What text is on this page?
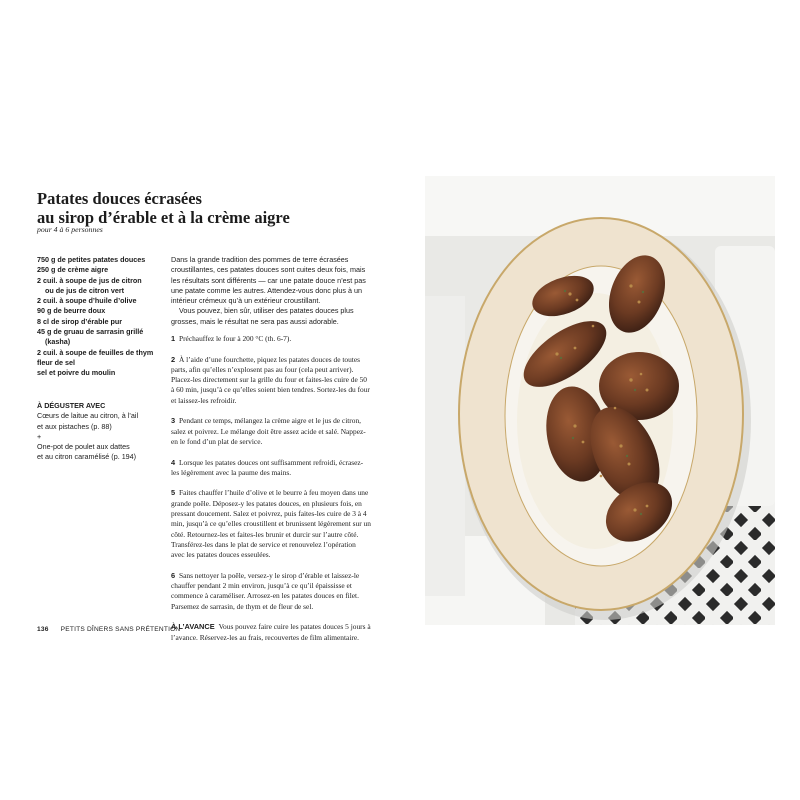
Patates douces écrasées
au sirop d’érable et à la crème aigre
pour 4 à 6 personnes
750 g de petites patates douces
250 g de crème aigre
2 cuil. à soupe de jus de citron
ou de jus de citron vert
2 cuil. à soupe d’huile d’olive
90 g de beurre doux
8 cl de sirop d’érable pur
45 g de gruau de sarrasin grillé
(kasha)
2 cuil. à soupe de feuilles de thym
fleur de sel
sel et poivre du moulin
À DÉGUSTER AVEC
Cœurs de laitue au citron, à l’ail
et aux pistaches (p. 88)
+
One-pot de poulet aux dattes
et au citron caramélisé (p. 194)

Dans la grande tradition des pommes de terre écrasées croustillantes, ces patates douces sont cuites deux fois, mais les résultats sont différents — car une patate douce n’est pas une patate comme les autres. Attendez-vous donc plus à un intérieur crémeux qu’à un extérieur croustillant.

Vous pouvez, bien sûr, utiliser des patates douces plus grosses, mais le résultat ne sera pas aussi adorable.

1 Préchauffez le four à 200 °C (th. 6-7).

2 À l’aide d’une fourchette, piquez les patates douces de toutes parts, afin qu’elles n’explosent pas au four (cela peut arriver). Placez-les directement sur la grille du four et faites-les cuire de 50 à 60 min, jusqu’à ce qu’elles soient bien tendres. Sortez-les du four et laissez-les refroidir.

3 Pendant ce temps, mélangez la crème aigre et le jus de citron, salez et poivrez. Le mélange doit être assez acide et salé. Nappez-en le fond d’un plat de service.

4 Lorsque les patates douces ont suffisamment refroidi, écrasez-les légèrement avec la paume des mains.

5 Faites chauffer l’huile d’olive et le beurre à feu moyen dans une grande poêle. Déposez-y les patates douces, en plusieurs fois, en pressant doucement. Salez et poivrez, puis faites-les cuire de 3 à 4 min, jusqu’à ce qu’elles croustillent et brunissent légèrement sur un côté. Retournez-les et faites-les brunir et durcir sur l’autre côté. Transférez-les dans le plat de service et renouvelez l’opération avec les patates douces esseulées.

6 Sans nettoyer la poêle, versez-y le sirop d’érable et laissez-le chauffer pendant 2 min environ, jusqu’à ce qu’il épaississe et commence à caraméliser. Arrosez-en les patates douces en filet. Parsemez de sarrasin, de thym et de fleur de sel.

À L’AVANCE Vous pouvez faire cuire les patates douces 5 jours à l’avance. Réservez-les au frais, recouvertes de film alimentaire.

136 PETITS DÎNERS SANS PRÉTENTION
